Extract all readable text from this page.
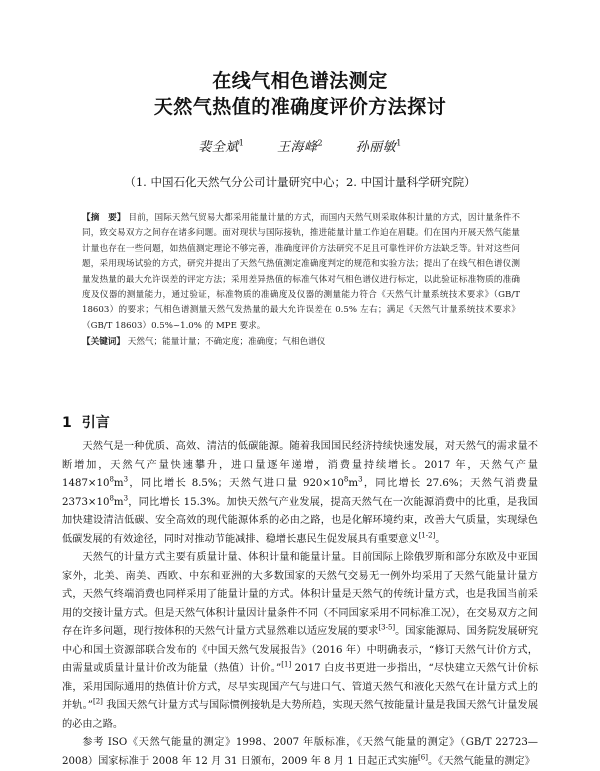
在线气相色谱法测定
天然气热值的准确度评价方法探讨
裴全斌$^1$	王海峰$^2$	孙丽敏$^1$
（1. 中国石化天然气分公司计量研究中心；2. 中国计量科学研究院）
【摘　要】 目前，国际天然气贸易大都采用能量计量的方式，而国内天然气则采取体积计量的方式，因计量条件不同，致交易双方之间存在诸多问题。面对现状与国际接轨，推进能量计量工作迫在眉睫。们在国内开展天然气能量计量也存在一些问题，如热值测定理论不够完善，准确度评价方法研究不足且可靠性评价方法缺乏等。针对这些问题，采用现场试验的方式，研究并提出了天然气热值测定准确度判定的规范和实验方法；提出了在线气相色谱仪测量发热量的最大允许误差的评定方法；采用差异热值的标准气体对气相色谱仪进行标定，以此验证标准物质的准确度及仪器的测量能力，通过验证，标准物质的准确度及仪器的测量能力符合《天然气计量系统技术要求》（GB/T 18603）的要求；气相色谱测量天然气发热量的最大允许误差在 0.5% 左右；满足《天然气计量系统技术要求》（GB/T 18603）0.5%~1.0% 的 MPE 要求。
【关键词】 天然气；能量计量；不确定度；准确度；气相色谱仪
1 引言

天然气是一种优质、高效、清洁的低碳能源。随着我国国民经济持续快速发展，对天然气的需求量不断增加，天然气产量快速攀升，进口量逐年递增，消费量持续增长。2017 年，天然气产量 $1487\times 10^8m^3$，同比增长 8.5%；天然气进口量 $920\times 10^8m^3$，同比增长 27.6%；天然气消费量 $2373\times 10^8m^3$，同比增长 15.3%。加快天然气产业发展，提高天然气在一次能源消费中的比重，是我国加快建设清洁低碳、安全高效的现代能源体系的必由之路，也是化解环境约束，改善大气质量，实现绿色低碳发展的有效途径，同时对推动节能减排、稳增长惠民生促发展具有重要意义[1-2]。

天然气的计量方式主要有质量计量、体积计量和能量计量。目前国际上除俄罗斯和部分东欧及中亚国家外，北美、南美、西欧、中东和亚洲的大多数国家的天然气交易无一例外均采用了天然气能量计量方式，天然气终端消费也同样采用了能量计量的方式。体积计量是天然气的传统计量方式，也是我国当前采用的交接计量方式。但是天然气体积计量因计量条件不同（不同国家采用不同标准工况），在交易双方之间存在许多问题，现行按体积的天然气计量方式显然难以适应发展的要求[3-5]。国家能源局、国务院发展研究中心和国土资源部联合发布的《中国天然气发展报告》（2016 年）中明确表示，“修订天然气计价方式，由需量或质量计量计价改为能量（热值）计价。”[1] 2017 白皮书更进一步指出，“尽快建立天然气计价标准，采用国际通用的热值计价方式，尽早实现国产气与进口气、管道天然气和液化天然气在计量方式上的并轨。”[2] 我国天然气计量方式与国际惯例接轨是大势所趋，实现天然气按能量计量是我国天然气计量发展的必由之路。

参考 ISO《天然气能量的测定》1998、2007 年版标准，《天然气能量的测定》（GB/T 22723—2008）国家标准于 2008 年 12 月 31 日颁布，2009 年 8 月 1 日起正式实施[6]。《天然气能量的测定》
